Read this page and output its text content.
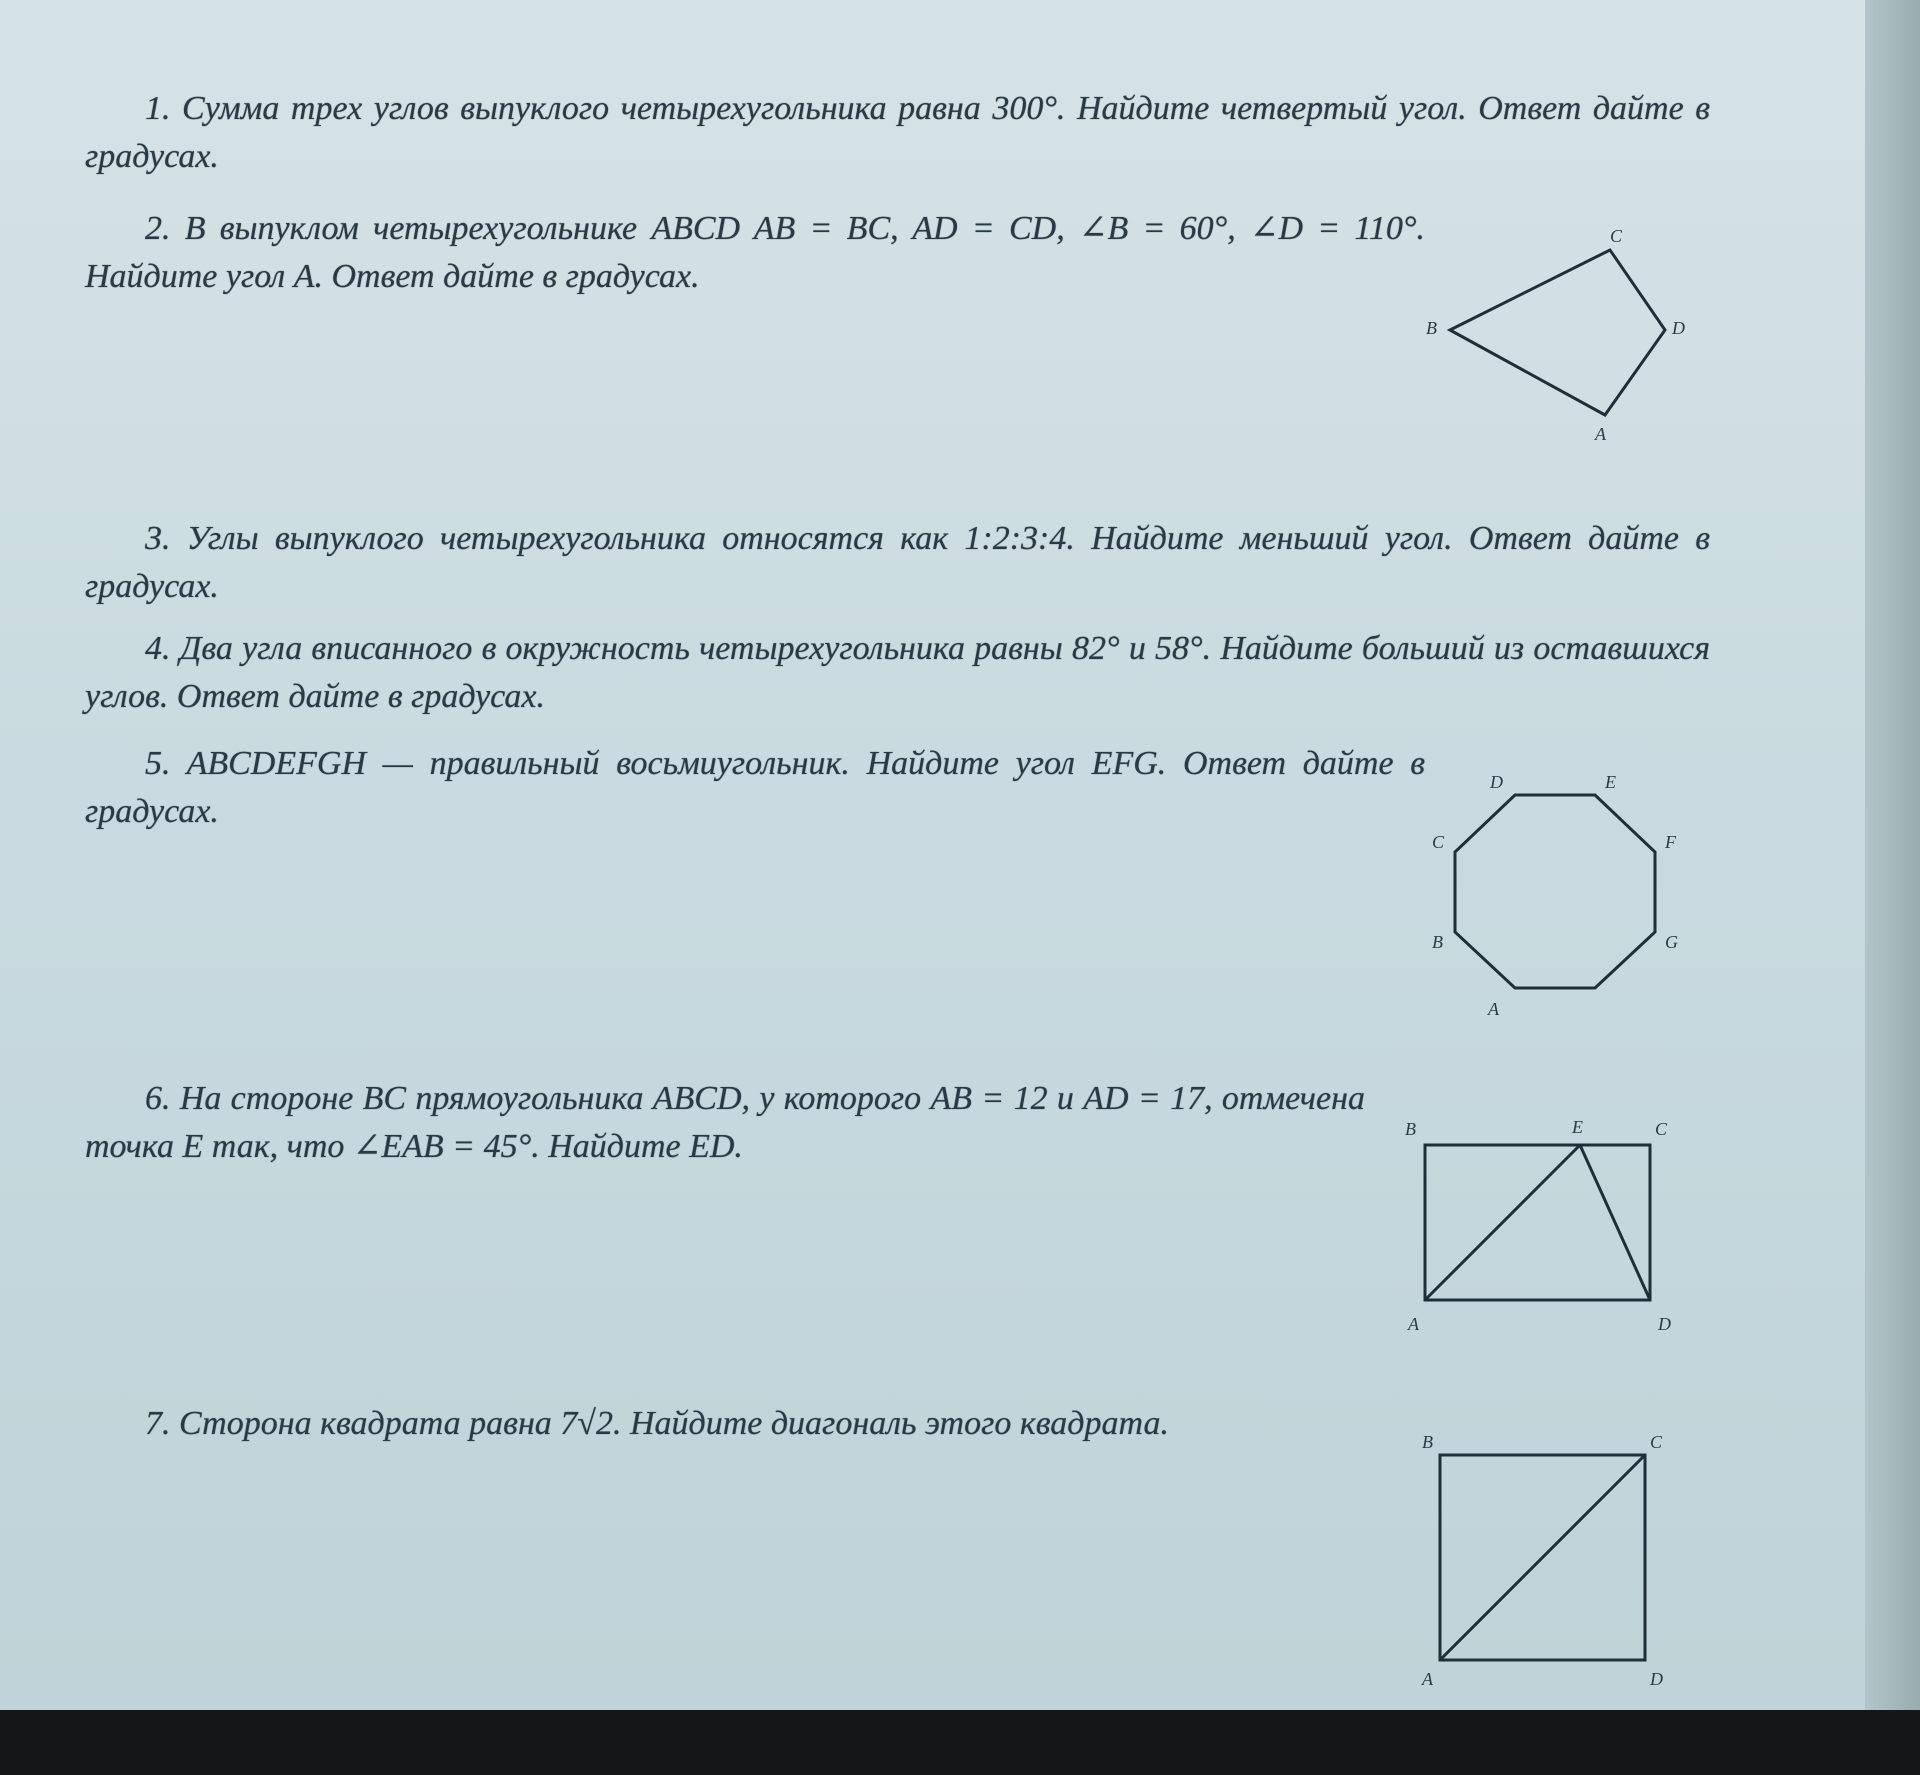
1. Сумма трех углов выпуклого четырехугольника равна 300°. Найдите четвертый угол. Ответ дайте в градусах.

2. В выпуклом четырехугольнике ABCD AB = BC, AD = CD, ∠B = 60°, ∠D = 110°. Найдите угол A. Ответ дайте в градусах.

A
B
C
D

3. Углы выпуклого четырехугольника относятся как 1:2:3:4. Найдите меньший угол. Ответ дайте в градусах.

4. Два угла вписанного в окружность четырехугольника равны 82° и 58°. Найдите больший из оставшихся углов. Ответ дайте в градусах.

5. ABCDEFGH — правильный восьмиугольник. Найдите угол EFG. Ответ дайте в градусах.

A
B
C
D	E
F
G

6. На стороне BC прямоугольника ABCD, у которого AB = 12 и AD = 17, отмечена точка E так, что ∠EAB = 45°. Найдите ED.

A
B	C
D
E

7. Сторона квадрата равна 7√2. Найдите диагональ этого квадрата.

A
B	C
D
